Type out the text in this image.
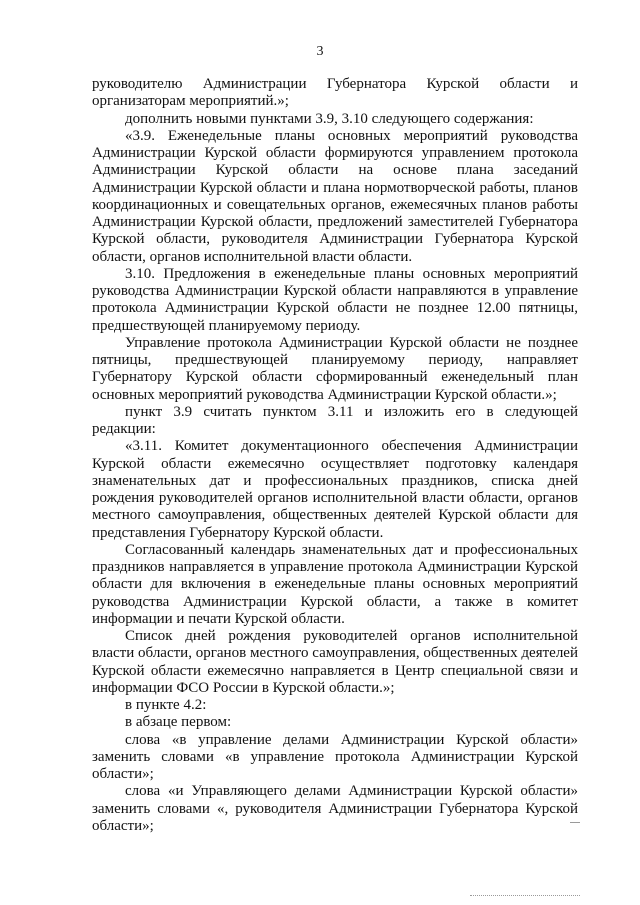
3

руководителю Администрации Губернатора Курской области и организаторам мероприятий.»;

дополнить новыми пунктами 3.9, 3.10 следующего содержания:

«3.9. Еженедельные планы основных мероприятий руководства Администрации Курской области формируются управлением протокола Администрации Курской области на основе плана заседаний Администрации Курской области и плана нормотворческой работы, планов координационных и совещательных органов, ежемесячных планов работы Администрации Курской области, предложений заместителей Губернатора Курской области, руководителя Администрации Губернатора Курской области, органов исполнительной власти области.

3.10. Предложения в еженедельные планы основных мероприятий руководства Администрации Курской области направляются в управление протокола Администрации Курской области не позднее 12.00 пятницы, предшествующей планируемому периоду.

Управление протокола Администрации Курской области не позднее пятницы, предшествующей планируемому периоду, направляет Губернатору Курской области сформированный еженедельный план основных мероприятий руководства Администрации Курской области.»;

пункт 3.9 считать пунктом 3.11 и изложить его в следующей редакции:

«3.11. Комитет документационного обеспечения Администрации Курской области ежемесячно осуществляет подготовку календаря знаменательных дат и профессиональных праздников, списка дней рождения руководителей органов исполнительной власти области, органов местного самоуправления, общественных деятелей Курской области для представления Губернатору Курской области.

Согласованный календарь знаменательных дат и профессиональных праздников направляется в управление протокола Администрации Курской области для включения в еженедельные планы основных мероприятий руководства Администрации Курской области, а также в комитет информации и печати Курской области.

Список дней рождения руководителей органов исполнительной власти области, органов местного самоуправления, общественных деятелей Курской области ежемесячно направляется в Центр специальной связи и информации ФСО России в Курской области.»;

в пункте 4.2:

в абзаце первом:

слова «в управление делами Администрации Курской области» заменить словами «в управление протокола Администрации Курской области»;

слова «и Управляющего делами Администрации Курской области» заменить словами «, руководителя Администрации Губернатора Курской области»;
